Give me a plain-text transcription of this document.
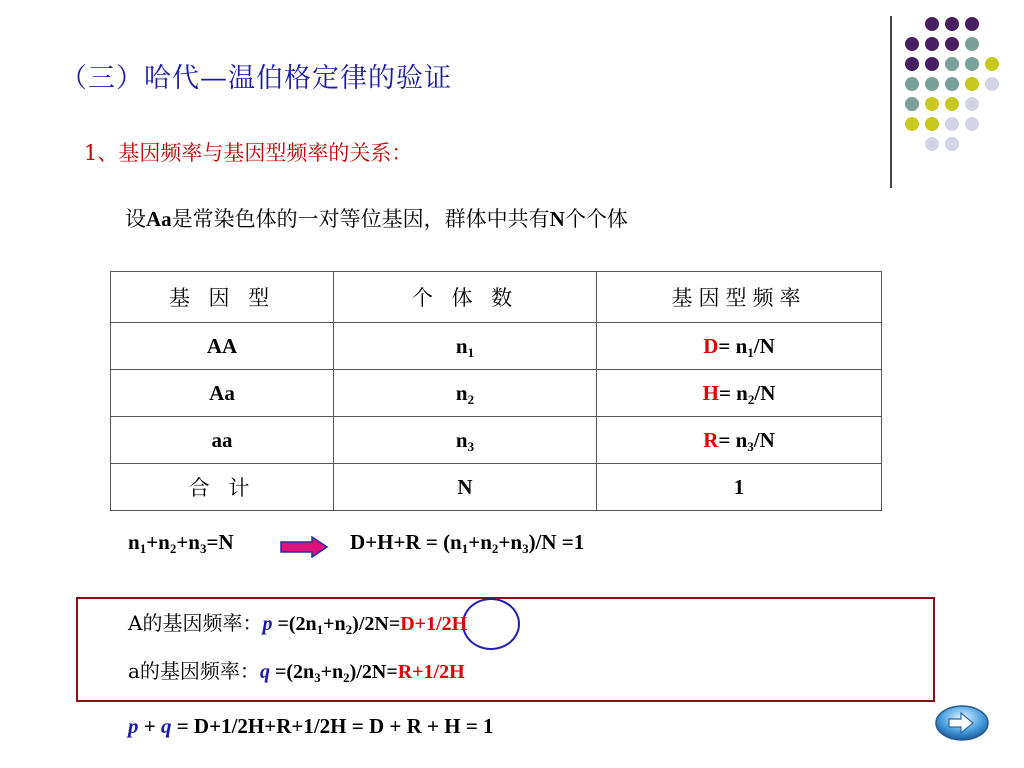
（三）哈代—温伯格定律的验证
1、基因频率与基因型频率的关系：
设Aa是常染色体的一对等位基因，群体中共有N个个体
基 因 型	个 体 数	基因型频率
AA	$n_1$	$D= n_1/N$
Aa	$n_2$	$H= n_2/N$
aa	$n_3$	$R= n_3/N$
合 计	N	1
$n_1+n_2+n_3=N$	$D+H+R = (n_1+n_2+n_3)/N =1$
A的基因频率：$p =(2n_1+n_2)/2N=D+1/2H$
a的基因频率：$q =(2n_3+n_2)/2N=R+1/2H$
p + q = D+1/2H+R+1/2H = D + R + H = 1
